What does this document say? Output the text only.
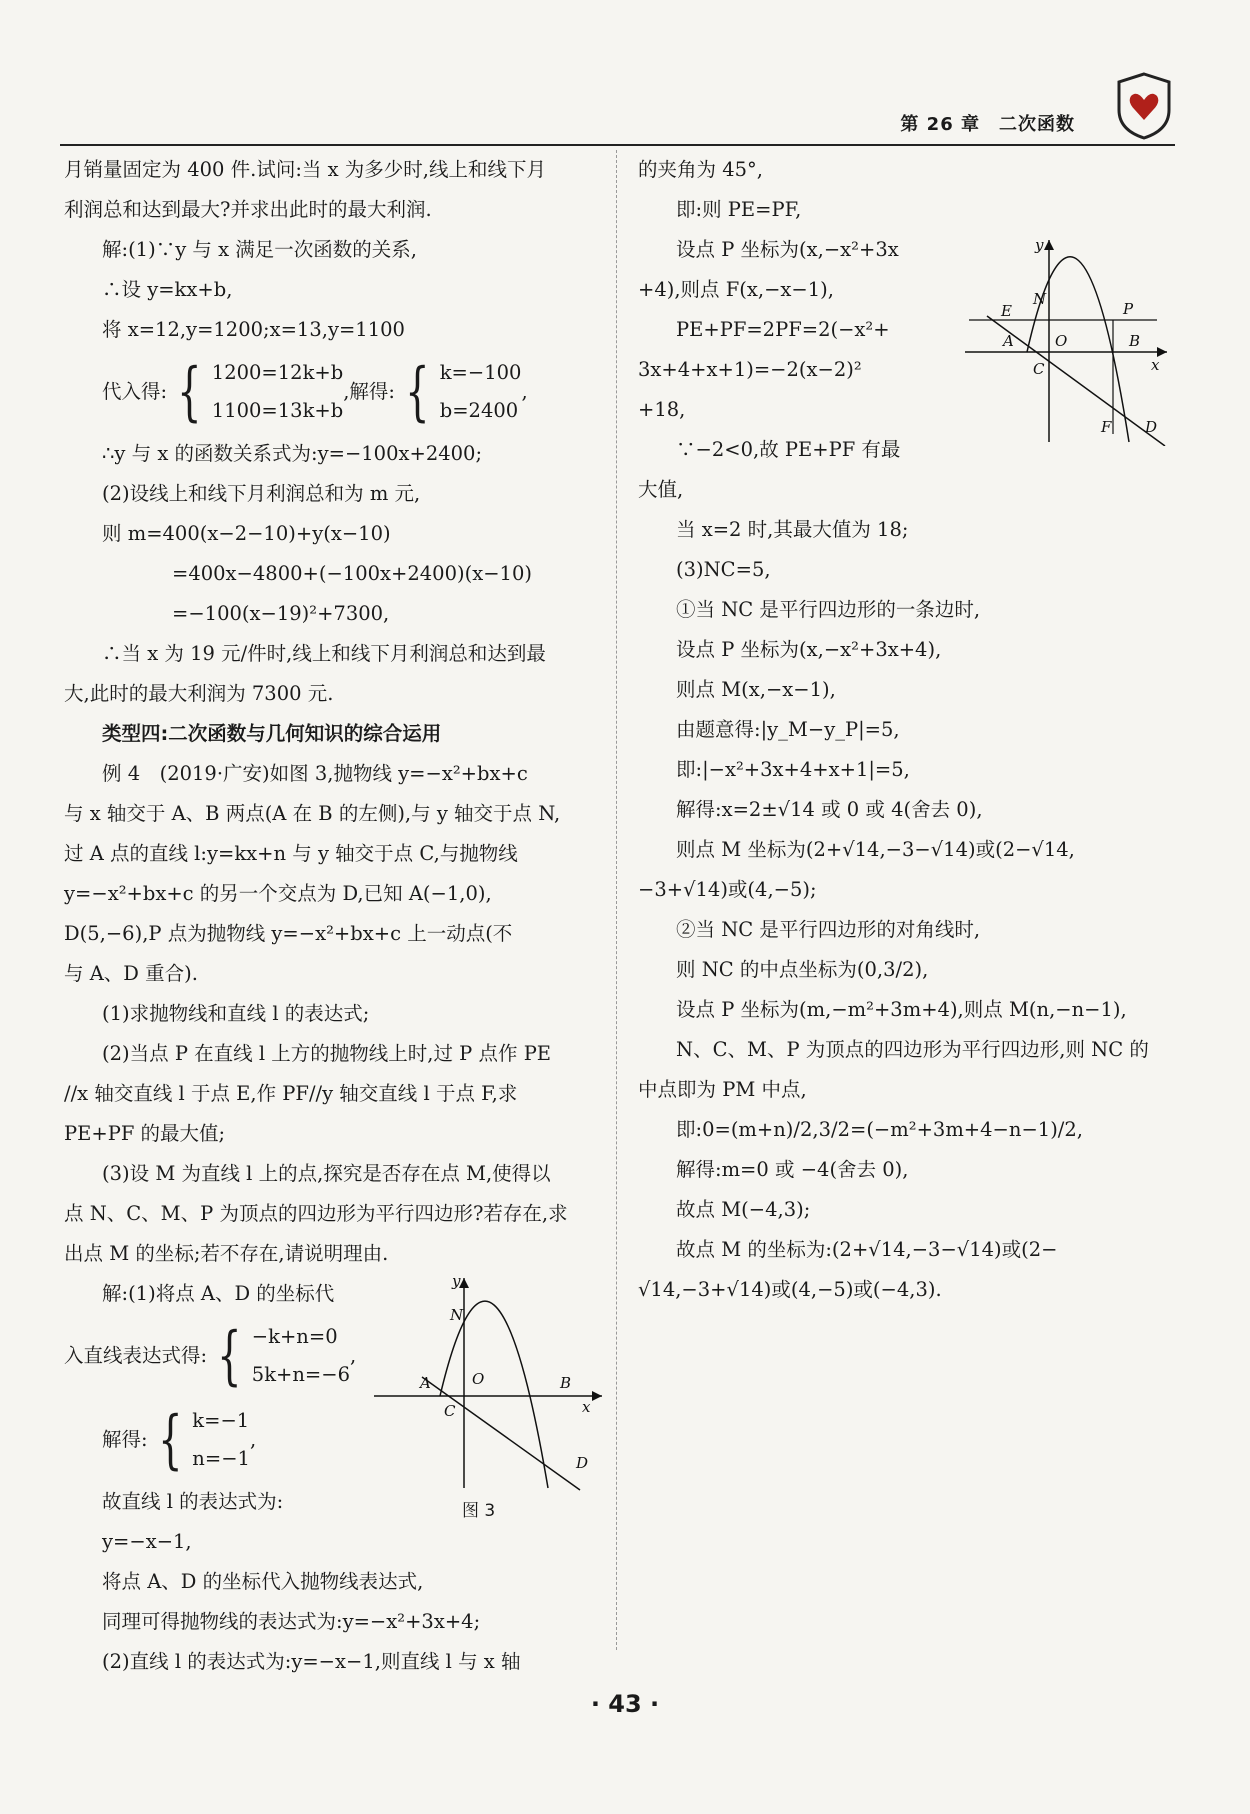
第 26 章　二次函数
月销量固定为 400 件.试问:当 x 为多少时,线上和线下月
利润总和达到最大?并求出此时的最大利润.
解:(1)∵y 与 x 满足一次函数的关系,
∴设 y=kx+b,
将 x=12,y=1200;x=13,y=1100
代入得: { 1200=12k+b
1100=13k+b
,解得: { k=−100
b=2400
,
∴y 与 x 的函数关系式为:y=−100x+2400;
(2)设线上和线下月利润总和为 m 元,
则 m=400(x−2−10)+y(x−10)
=400x−4800+(−100x+2400)(x−10)
=−100(x−19)²+7300,
∴当 x 为 19 元/件时,线上和线下月利润总和达到最
大,此时的最大利润为 7300 元.
类型四:二次函数与几何知识的综合运用
例 4　(2019·广安)如图 3,抛物线 y=−x²+bx+c
与 x 轴交于 A、B 两点(A 在 B 的左侧),与 y 轴交于点 N,
过 A 点的直线 l:y=kx+n 与 y 轴交于点 C,与抛物线
y=−x²+bx+c 的另一个交点为 D,已知 A(−1,0),
D(5,−6),P 点为抛物线 y=−x²+bx+c 上一动点(不
与 A、D 重合).
(1)求抛物线和直线 l 的表达式;
(2)当点 P 在直线 l 上方的抛物线上时,过 P 点作 PE
//x 轴交直线 l 于点 E,作 PF//y 轴交直线 l 于点 F,求
PE+PF 的最大值;
(3)设 M 为直线 l 上的点,探究是否存在点 M,使得以
点 N、C、M、P 为顶点的四边形为平行四边形?若存在,求
出点 M 的坐标;若不存在,请说明理由.
解:(1)将点 A、D 的坐标代
入直线表达式得: { −k+n=0
5k+n=−6
,
解得: { k=−1
n=−1
,
故直线 l 的表达式为:
y=−x−1,
将点 A、D 的坐标代入抛物线表达式,
同理可得抛物线的表达式为:y=−x²+3x+4;
(2)直线 l 的表达式为:y=−x−1,则直线 l 与 x 轴
y
N
A	O	B
x
C
D
图 3
的夹角为 45°,
即:则 PE=PF,
设点 P 坐标为(x,−x²+3x
+4),则点 F(x,−x−1),
PE+PF=2PF=2(−x²+
3x+4+x+1)=−2(x−2)²
+18,
∵−2<0,故 PE+PF 有最
大值,
当 x=2 时,其最大值为 18;
(3)NC=5,
①当 NC 是平行四边形的一条边时,
设点 P 坐标为(x,−x²+3x+4),
则点 M(x,−x−1),
由题意得:|y_M−y_P|=5,
即:|−x²+3x+4+x+1|=5,
解得:x=2±√14 或 0 或 4(舍去 0),
则点 M 坐标为(2+√14,−3−√14)或(2−√14,
−3+√14)或(4,−5);
②当 NC 是平行四边形的对角线时,
则 NC 的中点坐标为(0,3/2),
设点 P 坐标为(m,−m²+3m+4),则点 M(n,−n−1),
N、C、M、P 为顶点的四边形为平行四边形,则 NC 的
中点即为 PM 中点,
即:0=(m+n)/2,3/2=(−m²+3m+4−n−1)/2,
解得:m=0 或 −4(舍去 0),
故点 M(−4,3);
故点 M 的坐标为:(2+√14,−3−√14)或(2−
√14,−3+√14)或(4,−5)或(−4,3).
y
N
P
E
A	O	B
x
C
F D
· 43 ·
